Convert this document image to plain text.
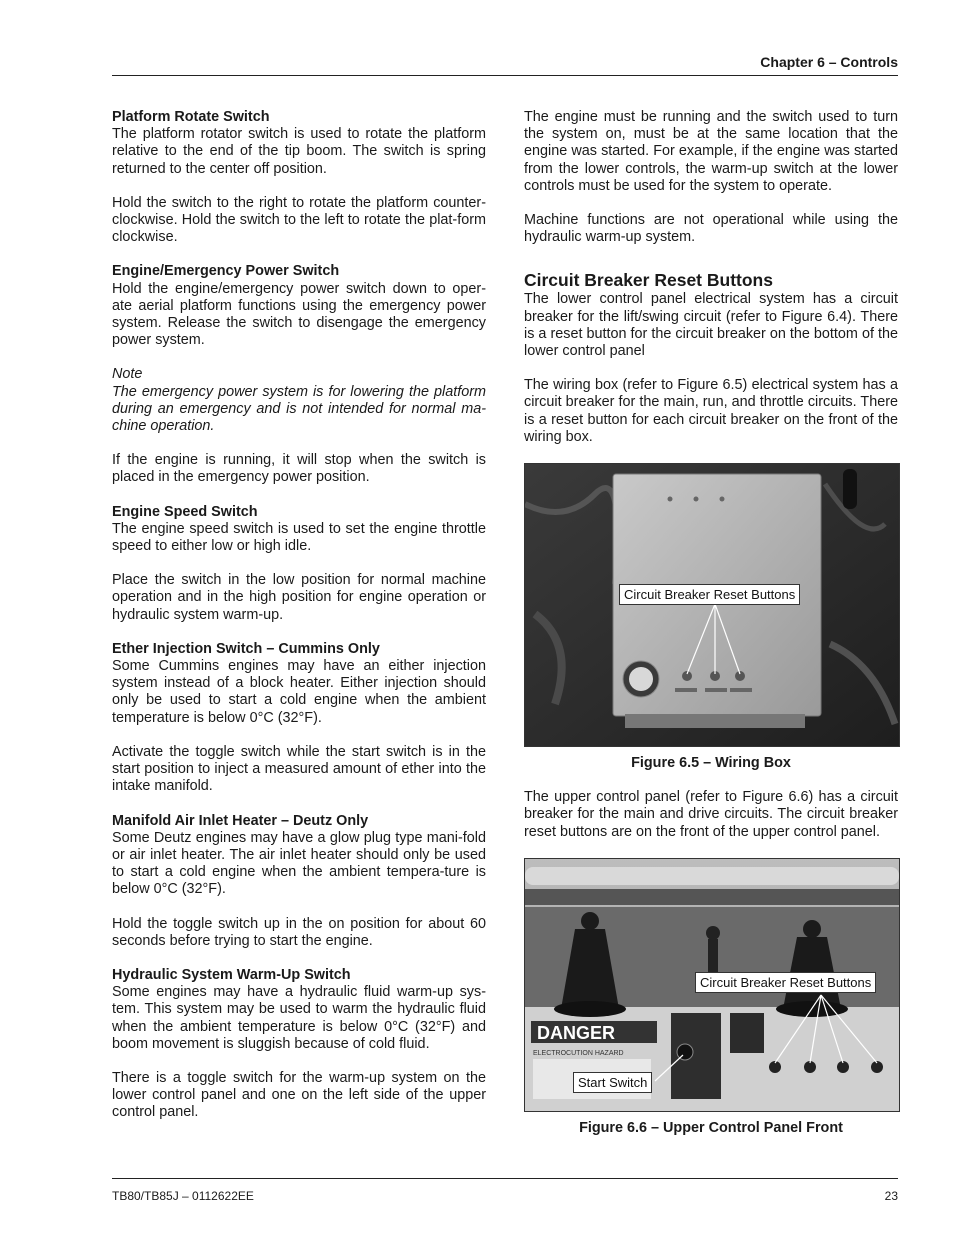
Chapter 6 – Controls
Platform Rotate Switch

The platform rotator switch is used to rotate the platform relative to the end of the tip boom. The switch is spring returned to the center off position.

Hold the switch to the right to rotate the platform counter-clockwise. Hold the switch to the left to rotate the plat-form clockwise.

Engine/Emergency Power Switch

Hold the engine/emergency power switch down to oper-ate aerial platform functions using the emergency power system. Release the switch to disengage the emergency power system.

Note

The emergency power system is for lowering the platform during an emergency and is not intended for normal ma-chine operation.

If the engine is running, it will stop when the switch is placed in the emergency power position.

Engine Speed Switch

The engine speed switch is used to set the engine throttle speed to either low or high idle.

Place the switch in the low position for normal machine operation and in the high position for engine operation or hydraulic system warm-up.

Ether Injection Switch – Cummins Only

Some Cummins engines may have an either injection system instead of a block heater. Either injection should only be used to start a cold engine when the ambient temperature is below 0°C (32°F).

Activate the toggle switch while the start switch is in the start position to inject a measured amount of ether into the intake manifold.

Manifold Air Inlet Heater – Deutz Only

Some Deutz engines may have a glow plug type mani-fold or air inlet heater. The air inlet heater should only be used to start a cold engine when the ambient tempera-ture is below 0°C (32°F).

Hold the toggle switch up in the on position for about 60 seconds before trying to start the engine.

Hydraulic System Warm-Up Switch

Some engines may have a hydraulic fluid warm-up sys-tem. This system may be used to warm the hydraulic fluid when the ambient temperature is below 0°C (32°F) and boom movement is sluggish because of cold fluid.

There is a toggle switch for the warm-up system on the lower control panel and one on the left side of the upper control panel.

The engine must be running and the switch used to turn the system on, must be at the same location that the engine was started. For example, if the engine was started from the lower controls, the warm-up switch at the lower controls must be used for the system to operate.

Machine functions are not operational while using the hydraulic warm-up system.

Circuit Breaker Reset Buttons

The lower control panel electrical system has a circuit breaker for the lift/swing circuit (refer to Figure 6.4). There is a reset button for the circuit breaker on the bottom of the lower control panel

The wiring box (refer to Figure 6.5) electrical system has a circuit breaker for the main, run, and throttle circuits. There is a reset button for each circuit breaker on the front of the wiring box.

Circuit Breaker Reset Buttons
Figure 6.5 – Wiring Box

The upper control panel (refer to Figure 6.6) has a circuit breaker for the main and drive circuits. The circuit breaker reset buttons are on the front of the upper control panel.

DANGER
ELECTROCUTION HAZARD
Circuit Breaker Reset Buttons
Start Switch
Figure 6.6 – Upper Control Panel Front
TB80/TB85J – 0112622EE	23
